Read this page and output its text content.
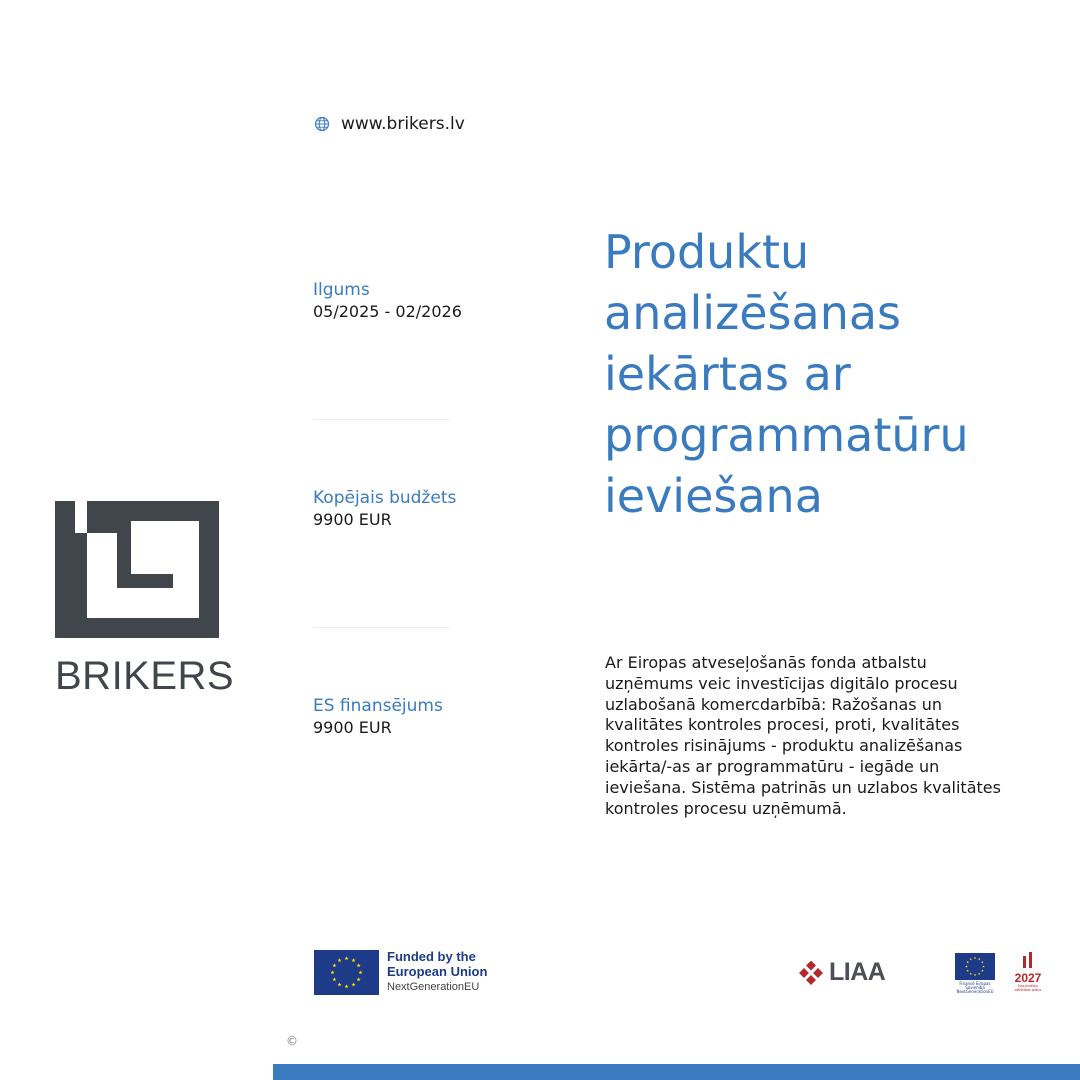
www.brikers.lv
BRIKERS
Ilgums
05/2025 - 02/2026
Kopējais budžets
9900 EUR
ES finansējums
9900 EUR
Produktu analizēšanas iekārtas ar programmatūru ieviešana

Ar Eiropas atveseļošanās fonda atbalstu uzņēmums veic investīcijas digitālo procesu uzlabošanā komercdarbībā: Ražošanas un kvalitātes kontroles procesi, proti, kvalitātes kontroles risinājums - produktu analizēšanas iekārta/-as ar programmatūru - iegāde un ieviešana. Sistēma patrinās un uzlabos kvalitātes kontroles procesu uzņēmumā.

Funded by the
European Union
NextGenerationEU
LIAA	Finansē Eiropas Savienība NextGenerationEU
2027
Nacionālais attīstības plāns
©
